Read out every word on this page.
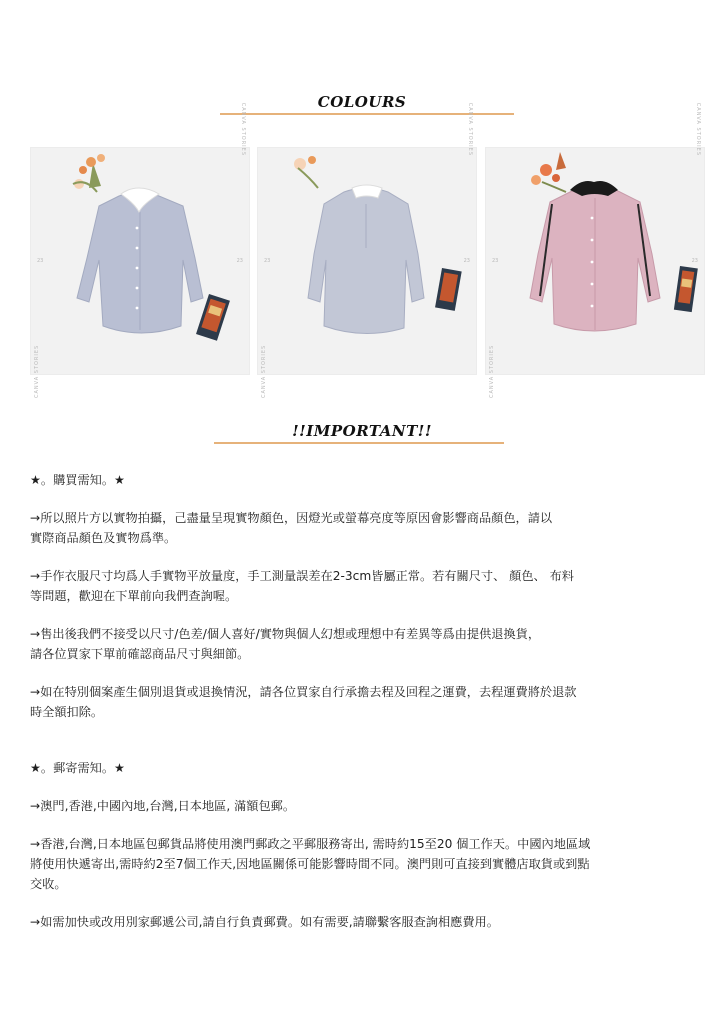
COLOURS
CANVA STORIES
CANVA STORIES
23	23
CANVA STORIES
CANVA STORIES
23	23
CANVA STORIES
CANVA STORIES
23	23
!!IMPORTANT!!

★。購買需知。★

→所以照片方以實物拍攝，己盡量呈現實物顏色，因燈光或螢幕亮度等原因會影響商品顏色，請以
實際商品顏色及實物爲準。

→手作衣服尺寸均爲人手實物平放量度，手工測量誤差在2-3cm皆屬正常。若有關尺寸、 顏色、 布料
等問題，歡迎在下單前向我們查詢喔。

→售出後我們不接受以尺寸/色差/個人喜好/實物與個人幻想或理想中有差異等爲由提供退換貨，
請各位買家下單前確認商品尺寸與細節。

→如在特別個案產生個別退貨或退換情況，請各位買家自行承擔去程及回程之運費，去程運費將於退款
時全額扣除。

★。郵寄需知。★

→澳門,香港,中國內地,台灣,日本地區, 滿額包郵。

→香港,台灣,日本地區包郵貨品將使用澳門郵政之平郵服務寄出, 需時約15至20 個工作天。中國內地區域
將使用快遞寄出,需時約2至7個工作天,因地區關係可能影響時間不同。澳門則可直接到實體店取貨或到點
交收。

→如需加快或改用別家郵遞公司,請自行負責郵費。如有需要,請聯繫客服查詢相應費用。
